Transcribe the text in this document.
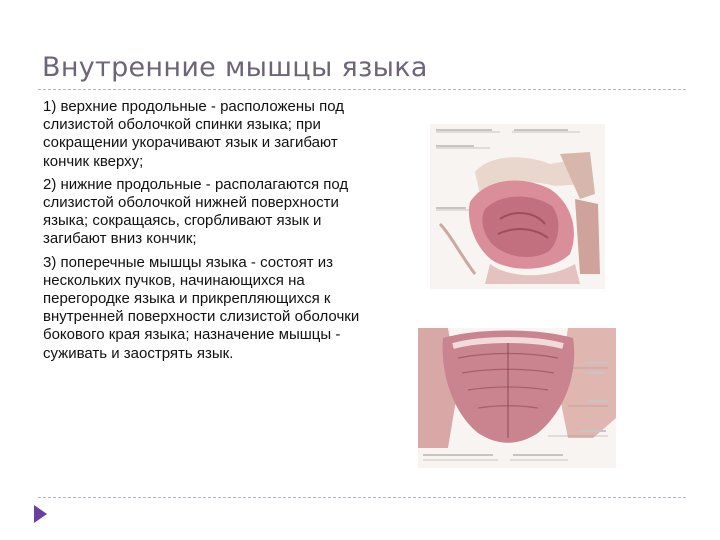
Внутренние мышцы языка
1) верхние продольные - расположены под слизистой оболочкой спинки языка; при сокращении укорачивают язык и загибают кончик кверху;
2) нижние продольные - располагаются под слизистой оболочкой нижней поверхности языка; сокращаясь, сгорбливают язык и загибают вниз кончик;
3) поперечные мышцы языка - состоят из нескольких пучков, начинающихся на перегородке языка и прикрепляющихся к внутренней поверхности слизистой оболочки бокового края языка; назначение мышцы - суживать и заострять язык.
